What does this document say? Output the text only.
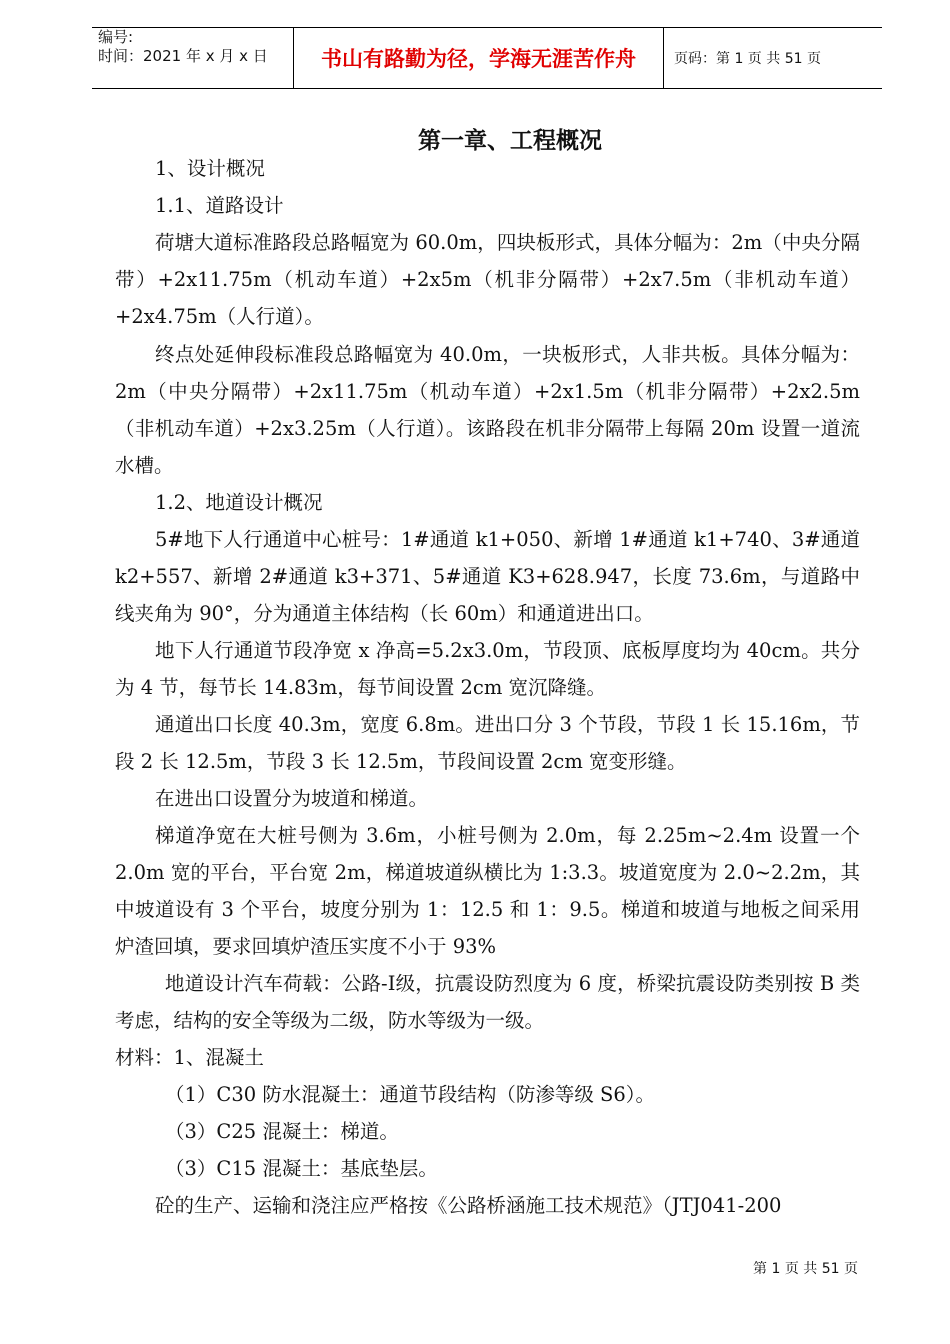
编号:
时间：2021 年 x 月 x 日	书山有路勤为径，学海无涯苦作舟	页码：第 1 页 共 51 页
第一章、工程概况

1、设计概况

1.1、道路设计

荷塘大道标准路段总路幅宽为 60.0m，四块板形式，具体分幅为：2m（中央分隔带）+2x11.75m（机动车道）+2x5m（机非分隔带）+2x7.5m（非机动车道）+2x4.75m（人行道）。

终点处延伸段标准段总路幅宽为 40.0m，一块板形式，人非共板。具体分幅为：2m（中央分隔带）+2x11.75m（机动车道）+2x1.5m（机非分隔带）+2x2.5m（非机动车道）+2x3.25m（人行道）。该路段在机非分隔带上每隔 20m 设置一道流水槽。

1.2、地道设计概况

5#地下人行通道中心桩号：1#通道 k1+050、新增 1#通道 k1+740、3#通道 k2+557、新增 2#通道 k3+371、5#通道 K3+628.947，长度 73.6m，与道路中线夹角为 90°，分为通道主体结构（长 60m）和通道进出口。

地下人行通道节段净宽 x 净高=5.2x3.0m，节段顶、底板厚度均为 40cm。共分为 4 节，每节长 14.83m，每节间设置 2cm 宽沉降缝。

通道出口长度 40.3m，宽度 6.8m。进出口分 3 个节段，节段 1 长 15.16m，节段 2 长 12.5m，节段 3 长 12.5m，节段间设置 2cm 宽变形缝。

在进出口设置分为坡道和梯道。

梯道净宽在大桩号侧为 3.6m，小桩号侧为 2.0m，每 2.25m~2.4m 设置一个 2.0m 宽的平台，平台宽 2m，梯道坡道纵横比为 1:3.3。坡道宽度为 2.0~2.2m，其中坡道设有 3 个平台，坡度分别为 1：12.5 和 1：9.5。梯道和坡道与地板之间采用炉渣回填，要求回填炉渣压实度不小于 93%

地道设计汽车荷载：公路-Ⅰ级，抗震设防烈度为 6 度，桥梁抗震设防类别按 B 类考虑，结构的安全等级为二级，防水等级为一级。

材料：1、混凝土

（1）C30 防水混凝土：通道节段结构（防渗等级 S6）。

（3）C25 混凝土：梯道。

（3）C15 混凝土：基底垫层。

砼的生产、运输和浇注应严格按《公路桥涵施工技术规范》（JTJ041-200

第 1 页 共 51 页
